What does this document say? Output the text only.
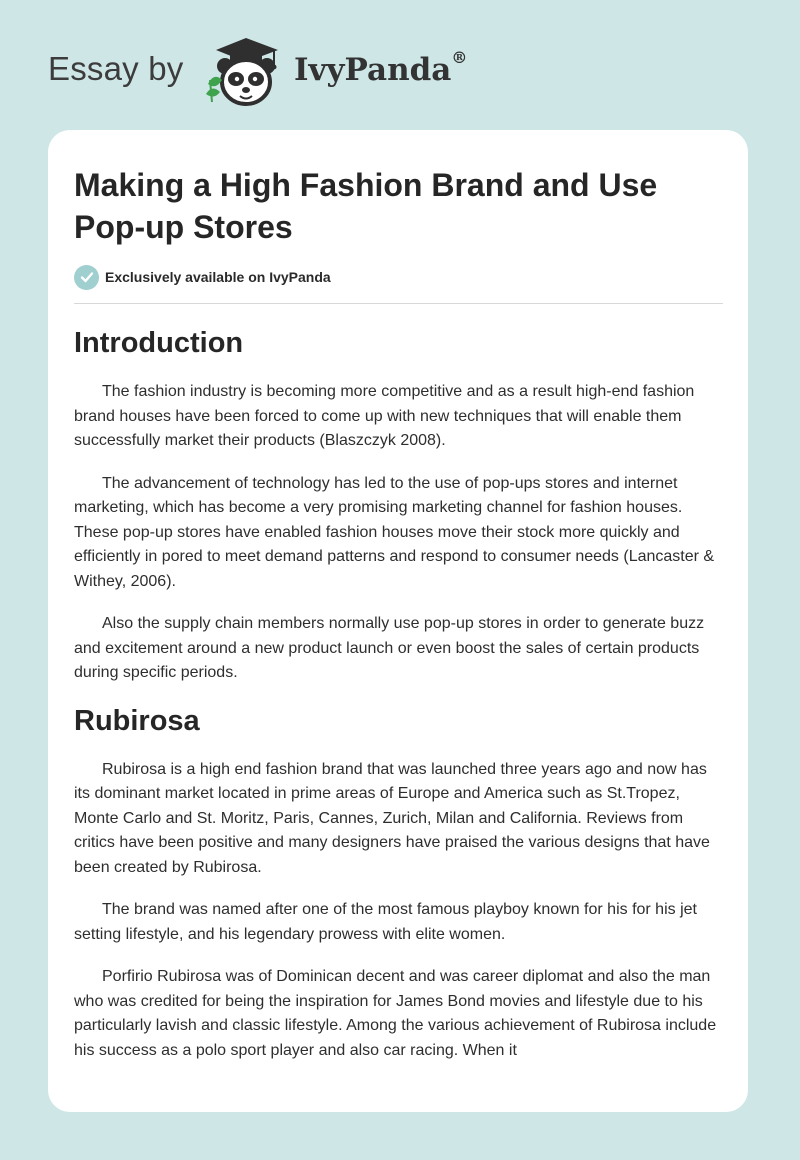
Essay by	IvyPanda®
Making a High Fashion Brand and Use Pop-up Stores
Exclusively available on IvyPanda
Introduction

The fashion industry is becoming more competitive and as a result high-end fashion brand houses have been forced to come up with new techniques that will enable them successfully market their products (Blaszczyk 2008).

The advancement of technology has led to the use of pop-ups stores and internet marketing, which has become a very promising marketing channel for fashion houses. These pop-up stores have enabled fashion houses move their stock more quickly and efficiently in pored to meet demand patterns and respond to consumer needs (Lancaster & Withey, 2006).

Also the supply chain members normally use pop-up stores in order to generate buzz and excitement around a new product launch or even boost the sales of certain products during specific periods.

Rubirosa

Rubirosa is a high end fashion brand that was launched three years ago and now has its dominant market located in prime areas of Europe and America such as St.Tropez, Monte Carlo and St. Moritz, Paris, Cannes, Zurich, Milan and California. Reviews from critics have been positive and many designers have praised the various designs that have been created by Rubirosa.

The brand was named after one of the most famous playboy known for his for his jet setting lifestyle, and his legendary prowess with elite women.

Porfirio Rubirosa was of Dominican decent and was career diplomat and also the man who was credited for being the inspiration for James Bond movies and lifestyle due to his particularly lavish and classic lifestyle. Among the various achievement of Rubirosa include his success as a polo sport player and also car racing. When it
